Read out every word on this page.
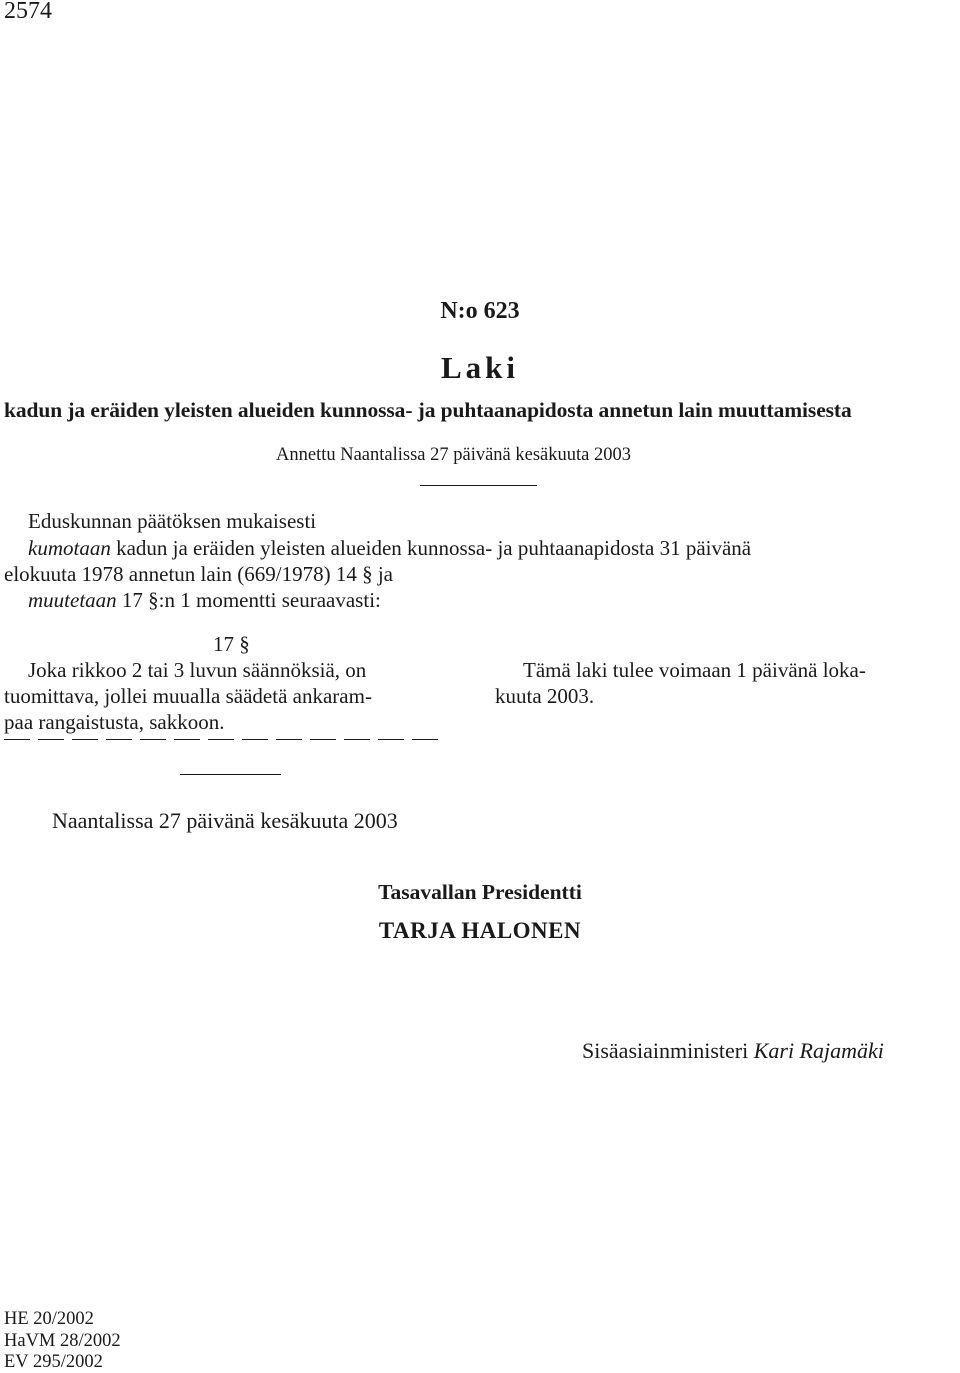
2574
N:o 623
Laki
kadun ja eräiden yleisten alueiden kunnossa- ja puhtaanapidosta annetun lain muuttamisesta
Annettu Naantalissa 27 päivänä kesäkuuta 2003
Eduskunnan päätöksen mukaisesti
kumotaan kadun ja eräiden yleisten alueiden kunnossa- ja puhtaanapidosta 31 päivänä
elokuuta 1978 annetun lain (669/1978) 14 § ja
muutetaan 17 §:n 1 momentti seuraavasti:
17 §
Joka rikkoo 2 tai 3 luvun säännöksiä, on
tuomittava, jollei muualla säädetä ankaram-
paa rangaistusta, sakkoon.
Tämä laki tulee voimaan 1 päivänä loka-
kuuta 2003.
Naantalissa 27 päivänä kesäkuuta 2003
Tasavallan Presidentti
TARJA HALONEN
Sisäasiainministeri Kari Rajamäki
HE 20/2002
HaVM 28/2002
EV 295/2002
